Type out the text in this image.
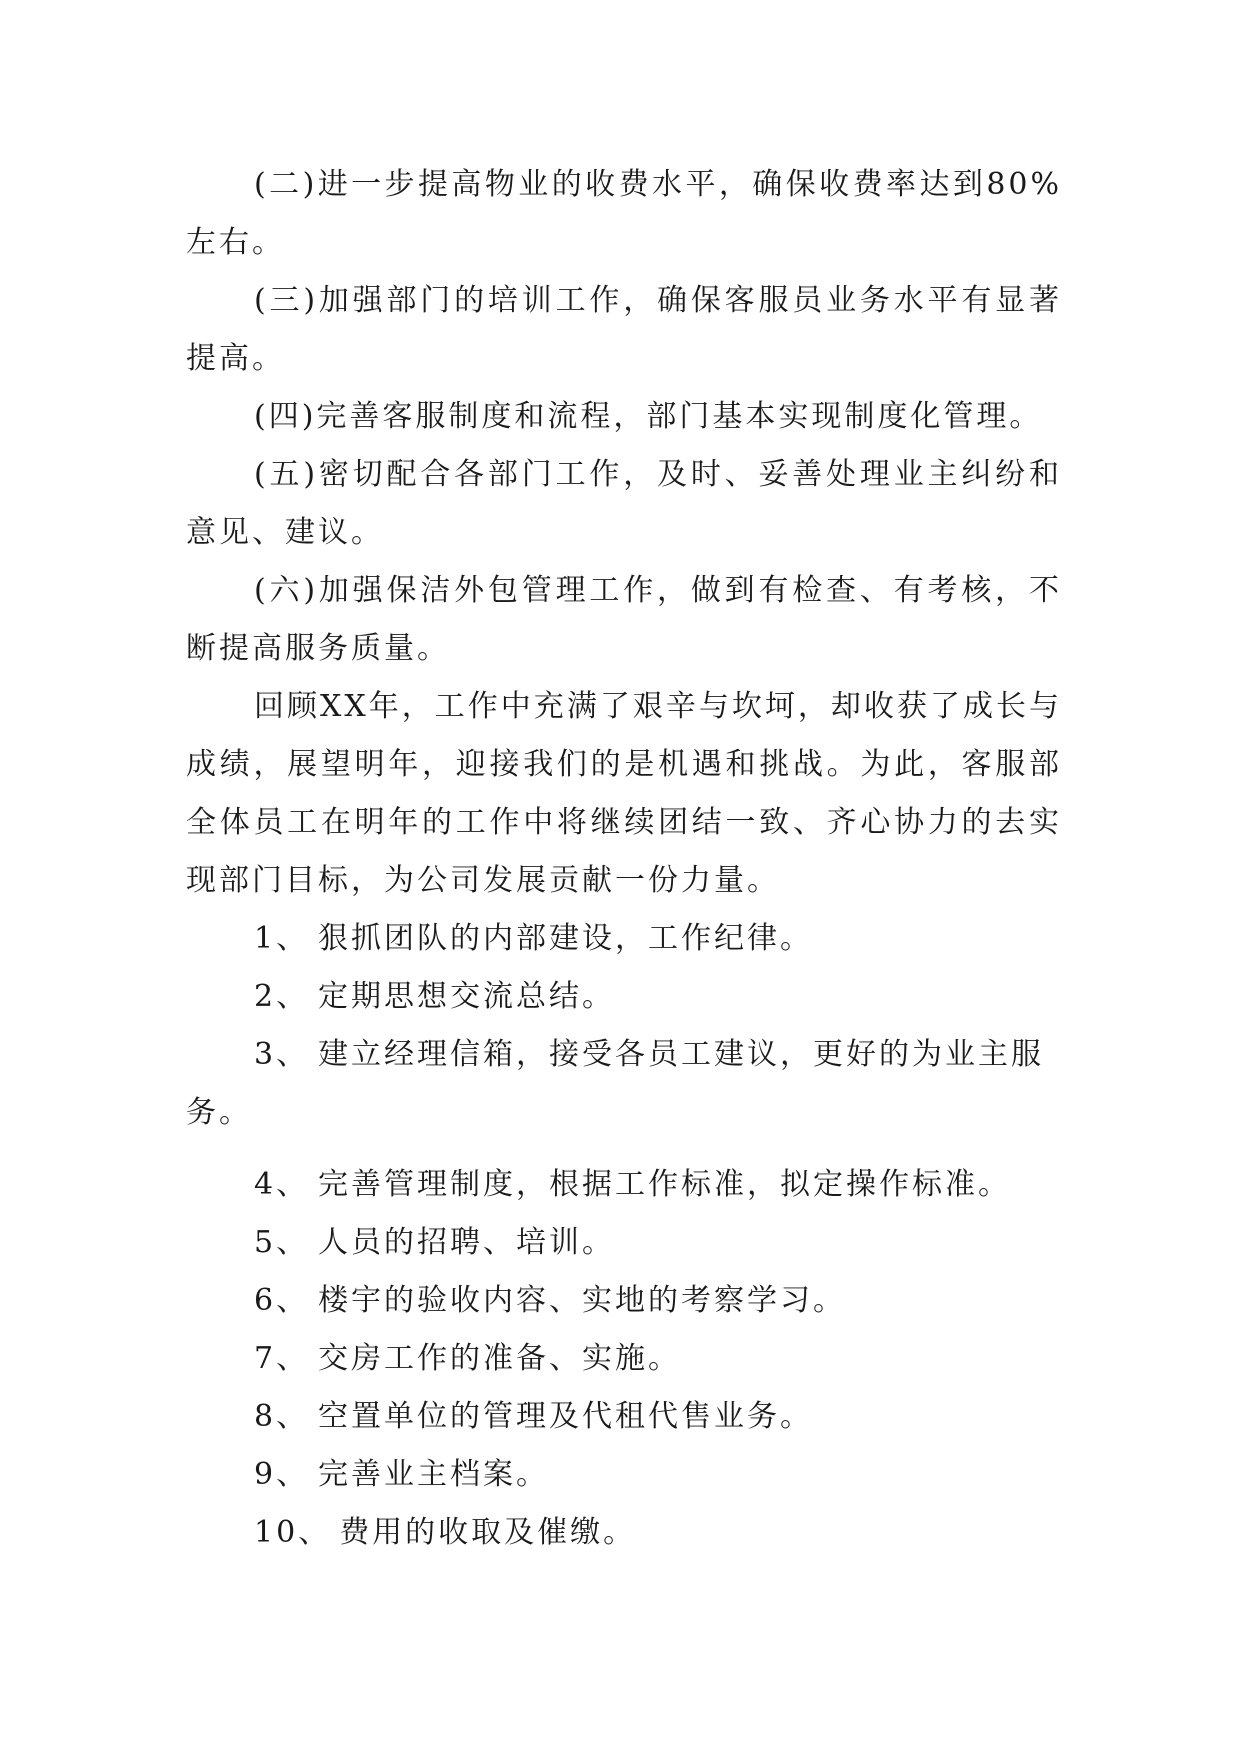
(二)进一步提高物业的收费水平，确保收费率达到80%左右。

(三)加强部门的培训工作，确保客服员业务水平有显著提高。

(四)完善客服制度和流程，部门基本实现制度化管理。

(五)密切配合各部门工作，及时、妥善处理业主纠纷和意见、建议。

(六)加强保洁外包管理工作，做到有检查、有考核，不断提高服务质量。

回顾XX年，工作中充满了艰辛与坎坷，却收获了成长与成绩，展望明年，迎接我们的是机遇和挑战。为此，客服部全体员工在明年的工作中将继续团结一致、齐心协力的去实现部门目标，为公司发展贡献一份力量。

1、 狠抓团队的内部建设，工作纪律。
2、 定期思想交流总结。
3、 建立经理信箱，接受各员工建议，更好的为业主服
务。
4、 完善管理制度，根据工作标准，拟定操作标准。
5、 人员的招聘、培训。
6、 楼宇的验收内容、实地的考察学习。
7、 交房工作的准备、实施。
8、 空置单位的管理及代租代售业务。
9、 完善业主档案。
10、 费用的收取及催缴。
